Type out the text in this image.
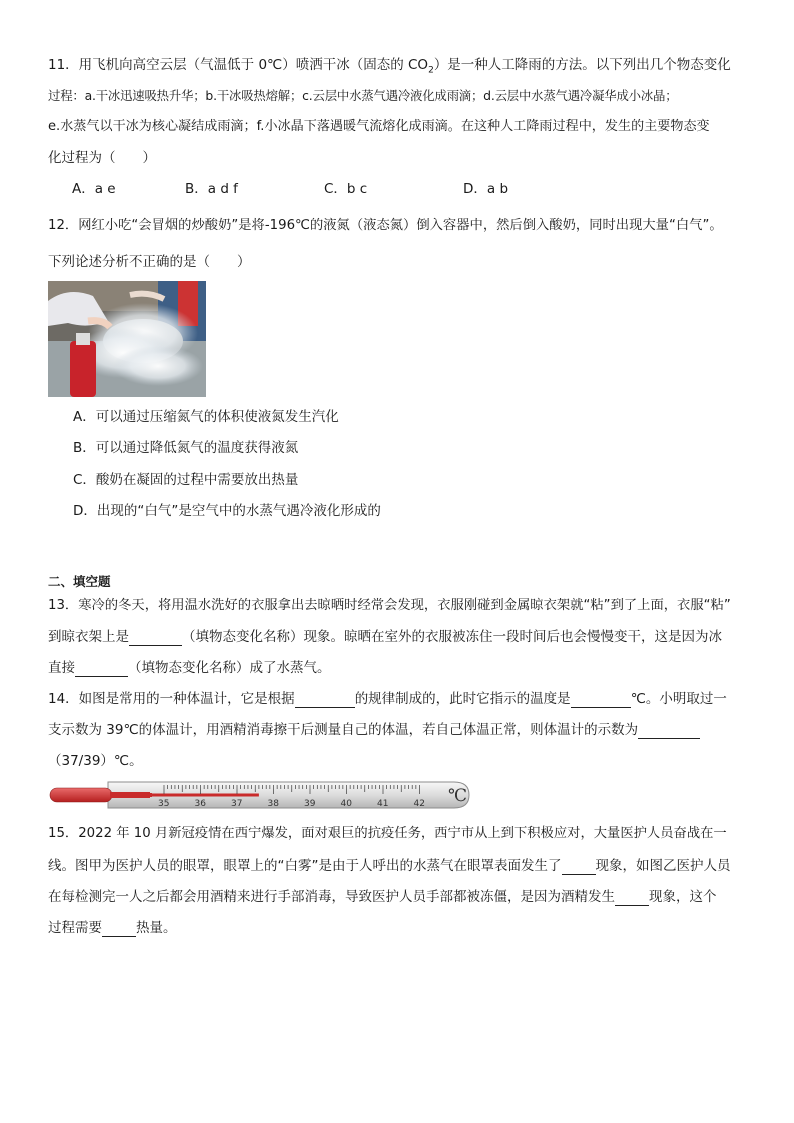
11．用飞机向高空云层（气温低于 0℃）喷洒干冰（固态的 $CO_2$）是一种人工降雨的方法。以下列出几个物态变化
过程：a.干冰迅速吸热升华；b.干冰吸热熔解；c.云层中水蒸气遇冷液化成雨滴；d.云层中水蒸气遇冷凝华成小冰晶；
e.水蒸气以干冰为核心凝结成雨滴；f.小冰晶下落遇暖气流熔化成雨滴。在这种人工降雨过程中，发生的主要物态变
化过程为（　　）
A．a e	B．a d f	C．b c	D．a b
12．网红小吃“会冒烟的炒酸奶”是将-196℃的液氮（液态氮）倒入容器中，然后倒入酸奶，同时出现大量“白气”。
下列论述分析不正确的是（　　）
A．可以通过压缩氮气的体积使液氮发生汽化
B．可以通过降低氮气的温度获得液氮
C．酸奶在凝固的过程中需要放出热量
D．出现的“白气”是空气中的水蒸气遇冷液化形成的
二、填空题
13．寒冷的冬天，将用温水洗好的衣服拿出去晾晒时经常会发现，衣服刚碰到金属晾衣架就“粘”到了上面，衣服“粘”
到晾衣架上是	（填物态变化名称）现象。晾晒在室外的衣服被冻住一段时间后也会慢慢变干，这是因为冰
直接	（填物态变化名称）成了水蒸气。
14．如图是常用的一种体温计，它是根据	的规律制成的，此时它指示的温度是	℃。小明取过一
支示数为 39℃的体温计，用酒精消毒擦干后测量自己的体温，若自己体温正常，则体温计的示数为
（37/39）℃。
35	36	37	38	39	40	41	42 ℃
15．2022 年 10 月新冠疫情在西宁爆发，面对艰巨的抗疫任务，西宁市从上到下积极应对，大量医护人员奋战在一
线。图甲为医护人员的眼罩，眼罩上的“白雾”是由于人呼出的水蒸气在眼罩表面发生了	现象，如图乙医护人员
在每检测完一人之后都会用酒精来进行手部消毒，导致医护人员手部都被冻僵，是因为酒精发生	现象，这个
过程需要	热量。
